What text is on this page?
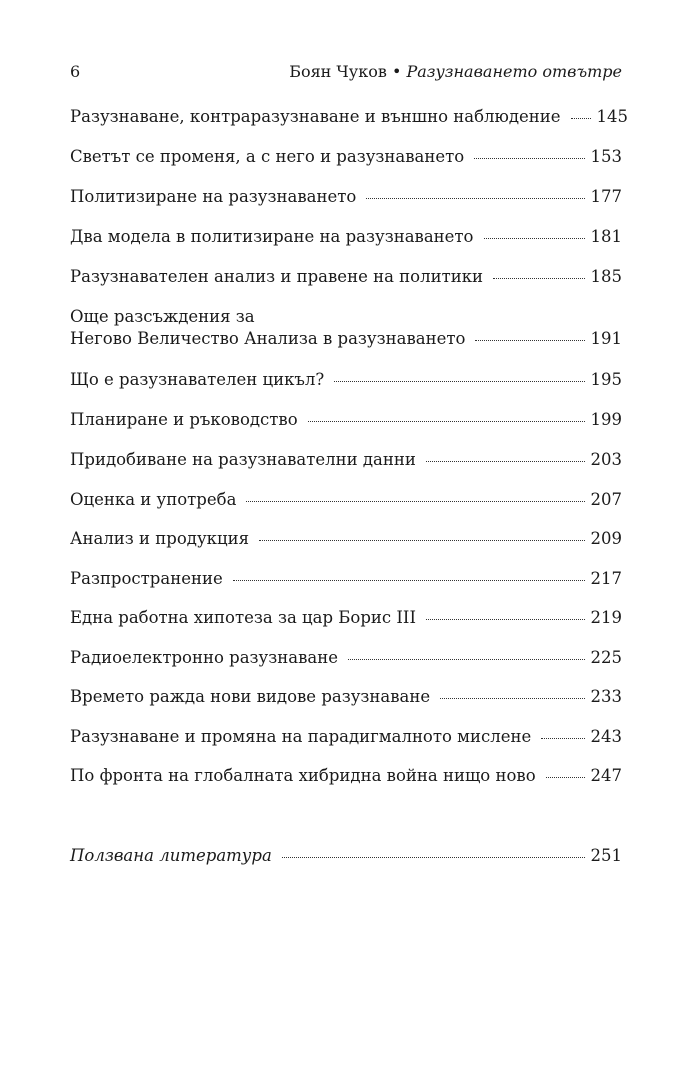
6	Боян Чуков • Разузнаването отвътре
Разузнаване, контраразузнаване и външно наблюдение 145
Светът се променя, а с него и разузнаването	153
Политизиране на разузнаването	177
Два модела в политизиране на разузнаването	181
Разузнавателен анализ и правене на политики	185
Още разсъждения за
Негово Величество Анализа в разузнаването	191
Що е разузнавателен цикъл?	195
Планиране и ръководство	199
Придобиване на разузнавателни данни	203
Оценка и употреба	207
Анализ и продукция	209
Разпространение	217
Една работна хипотеза за цар Борис III	219
Радиоелектронно разузнаване	225
Времето ражда нови видове разузнаване	233
Разузнаване и промяна на парадигмалното мислене	243
По фронта на глобалната хибридна война нищо ново	247
Ползвана литература	251
